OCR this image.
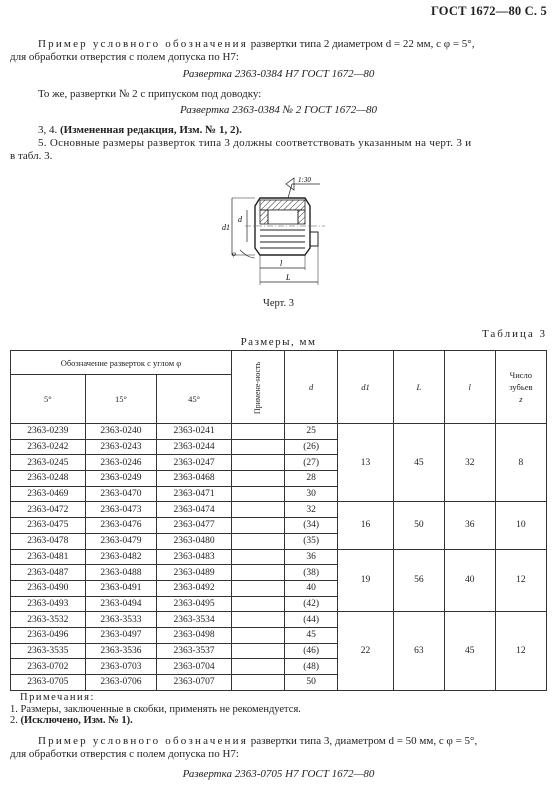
ГОСТ 1672—80 С. 5
Пример условного обозначения развертки типа 2 диаметром d = 22 мм, с φ = 5°,
для обработки отверстия с полем допуска по Н7:
Развертка 2363-0384 Н7 ГОСТ 1672—80
То же, развертки № 2 с припуском под доводку:
Развертка 2363-0384 № 2 ГОСТ 1672—80
3, 4. (Измененная редакция, Изм. № 1, 2).
5. Основные размеры разверток типа 3 должны соответствовать указанным на черт. 3 и
в табл. 3.
1:30
d1
d
φ
l
L
Черт. 3
Таблица 3
Размеры, мм
Обозначение разверток с углом φ			Примене-ность	d	d1	L	l	Число
зубьев
z

5°	15°	45°						
2363-0239	2363-0240	2363-0241		25	13	45	32	8
2363-0242	2363-0243	2363-0244		(26)				
2363-0245	2363-0246	2363-0247		(27)				
2363-0248	2363-0249	2363-0468		28				
2363-0469	2363-0470	2363-0471		30				
2363-0472	2363-0473	2363-0474		32	16	50	36	10
2363-0475	2363-0476	2363-0477		(34)				
2363-0478	2363-0479	2363-0480		(35)				
2363-0481	2363-0482	2363-0483		36	19	56	40	12
2363-0487	2363-0488	2363-0489		(38)				
2363-0490	2363-0491	2363-0492		40				
2363-0493	2363-0494	2363-0495		(42)				
2363-3532	2363-3533	2363-3534		(44)	22	63	45	12
2363-0496	2363-0497	2363-0498		45				
2363-3535	2363-3536	2363-3537		(46)				
2363-0702	2363-0703	2363-0704		(48)				
2363-0705	2363-0706	2363-0707		50				
Примечания:
1. Размеры, заключенные в скобки, применять не рекомендуется.
2. (Исключено, Изм. № 1).
Пример условного обозначения развертки типа 3, диаметром d = 50 мм, с φ = 5°,
для обработки отверстия с полем допуска по Н7:
Развертка 2363-0705 Н7 ГОСТ 1672—80
